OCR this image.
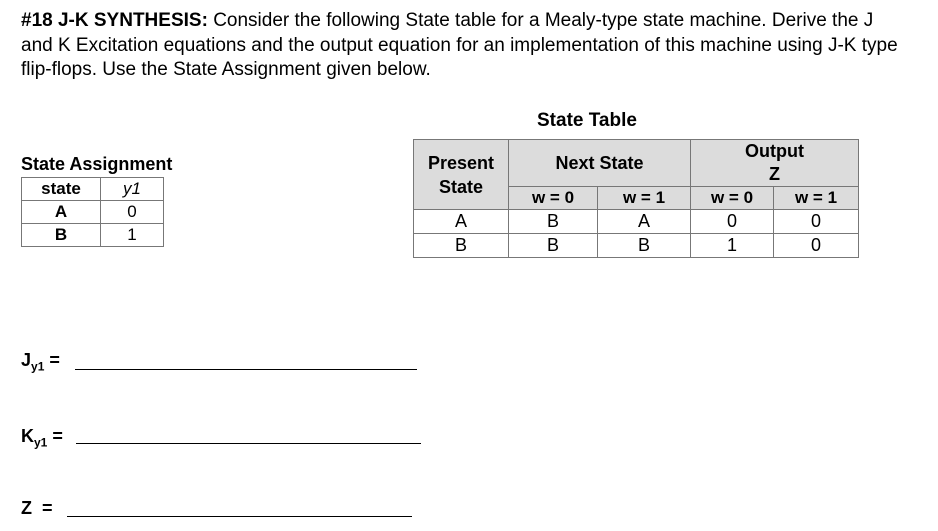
#18 J-K SYNTHESIS: Consider the following State table for a Mealy-type state machine. Derive the J and K Excitation equations and the output equation for an implementation of this machine using J-K type flip-flops. Use the State Assignment given below.

State Table
State Assignment
state	y1
A	0
B	1
Present State	Next State		Output
Z	
	w = 0	w = 1	w = 0	w = 1
A	B	A	0	0
B	B	B	1	0
$J_{y1}$ =
$K_{y1}$ =
Z  =
